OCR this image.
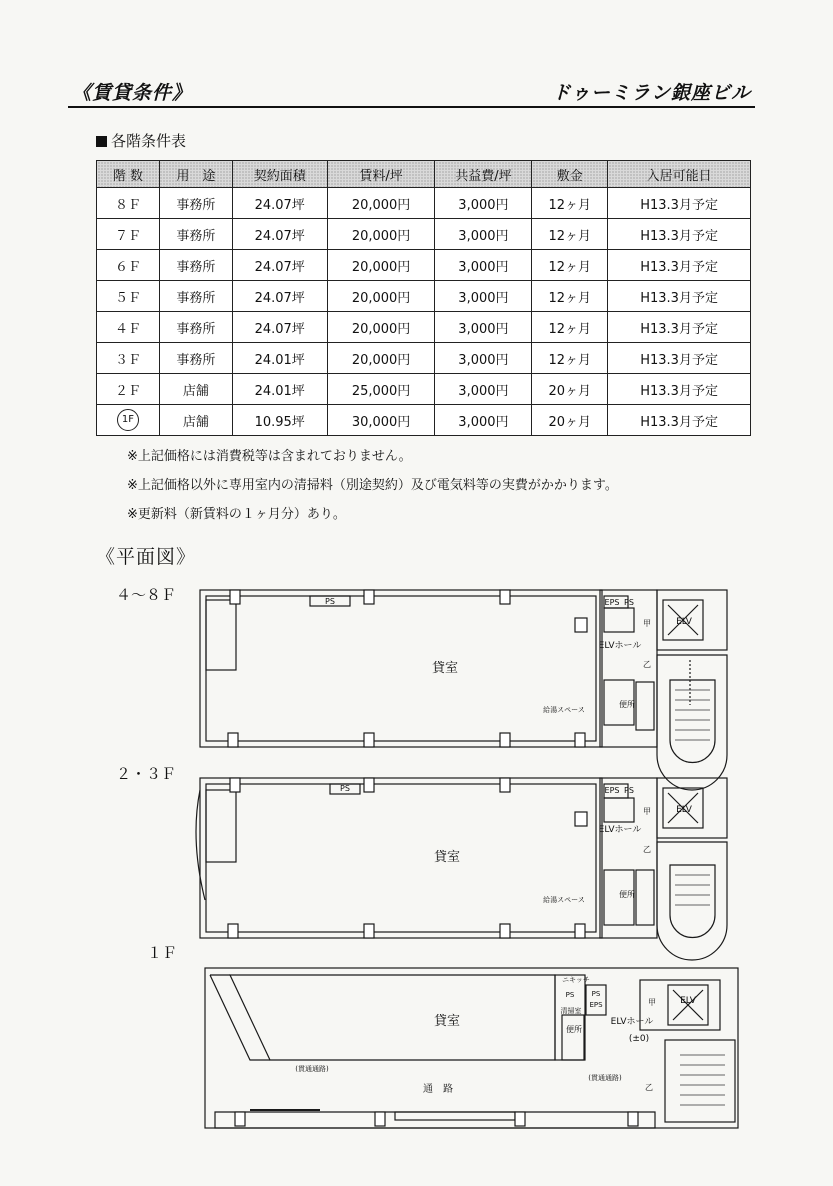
《賃貸条件》	ドゥーミラン銀座ビル
各階条件表
階 数	用　途	契約面積	賃料/坪	共益費/坪	敷金	入居可能日
８Ｆ	事務所	24.07坪	20,000円	3,000円	12ヶ月	H13.3月予定
７Ｆ	事務所	24.07坪	20,000円	3,000円	12ヶ月	H13.3月予定
６Ｆ	事務所	24.07坪	20,000円	3,000円	12ヶ月	H13.3月予定
５Ｆ	事務所	24.07坪	20,000円	3,000円	12ヶ月	H13.3月予定
４Ｆ	事務所	24.07坪	20,000円	3,000円	12ヶ月	H13.3月予定
３Ｆ	事務所	24.01坪	20,000円	3,000円	12ヶ月	H13.3月予定
２Ｆ	店舗	24.01坪	25,000円	3,000円	20ヶ月	H13.3月予定
1F	店舗	10.95坪	30,000円	3,000円	20ヶ月	H13.3月予定
※上記価格には消費税等は含まれておりません。
※上記価格以外に専用室内の清掃料（別途契約）及び電気料等の実費がかかります。
※更新料（新賃料の１ヶ月分）あり。
《平面図》
４～８Ｆ
２・３Ｆ
１Ｆ
貸室
貸室
貸室
通　路
PS	EPS PS
ELVホール
ELV
給湯スペース
便所
甲
乙
PS	EPS PS
ELVホール
ELV
給湯スペース
便所
甲
乙
ニキッチ
PS
清掃室
EPS
PS
便所
ELVホール
(±0)
ELV
甲
乙
(貫通通路)
(貫通通路)
